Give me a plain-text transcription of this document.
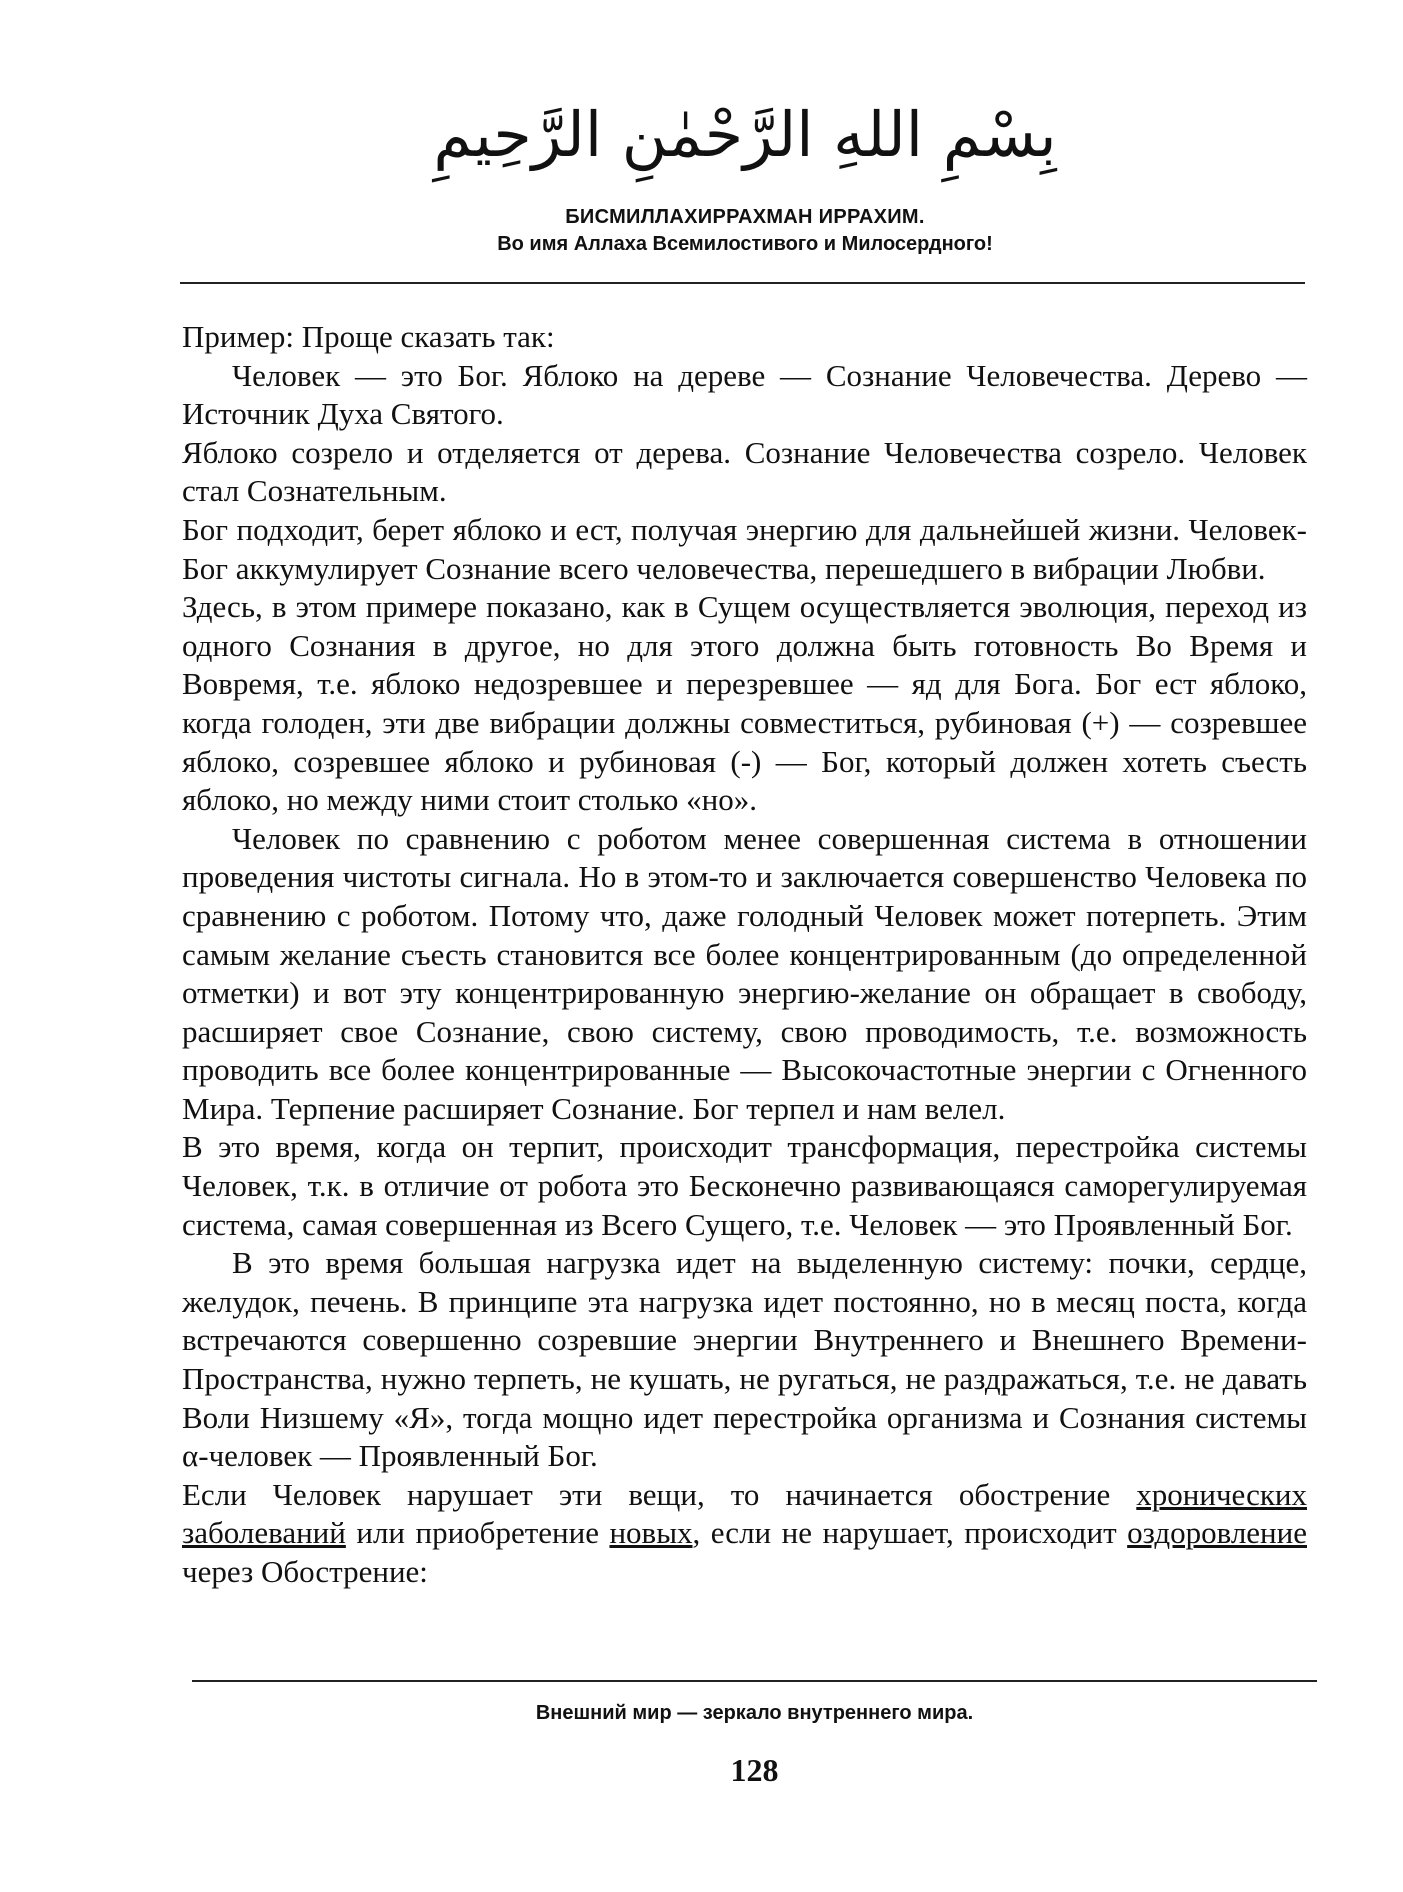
بِسْمِ اللهِ الرَّحْمٰنِ الرَّحِيمِ
БИСМИЛЛАХИРРАХМАН ИРРАХИМ.
Во имя Аллаха Всемилостивого и Милосердного!

Пример: Проще сказать так:

Человек — это Бог. Яблоко на дереве — Сознание Человечества. Дерево — Источник Духа Святого.

Яблоко созрело и отделяется от дерева. Сознание Человечества созрело. Человек стал Сознательным.

Бог подходит, берет яблоко и ест, получая энергию для дальнейшей жизни. Человек-Бог аккумулирует Сознание всего человечества, перешедшего в вибрации Любви.

Здесь, в этом примере показано, как в Сущем осуществляется эволюция, переход из одного Сознания в другое, но для этого должна быть готовность Во Время и Вовремя, т.е. яблоко недозревшее и перезревшее — яд для Бога. Бог ест яблоко, когда голоден, эти две вибрации должны совместиться, рубиновая (+) — созревшее яблоко, созревшее яблоко и рубиновая (-) — Бог, который должен хотеть съесть яблоко, но между ними стоит столько «но».

Человек по сравнению с роботом менее совершенная система в отношении проведения чистоты сигнала. Но в этом-то и заключается совершенство Человека по сравнению с роботом. Потому что, даже голодный Человек может потерпеть. Этим самым желание съесть становится все более концентрированным (до определенной отметки) и вот эту концентрированную энергию-желание он обращает в свободу, расширяет свое Сознание, свою систему, свою проводимость, т.е. возможность проводить все более концентрированные — Высокочастотные энергии с Огненного Мира. Терпение расширяет Сознание. Бог терпел и нам велел.

В это время, когда он терпит, происходит трансформация, перестройка системы Человек, т.к. в отличие от робота это Бесконечно развивающаяся саморегулируемая система, самая совершенная из Всего Сущего, т.е. Человек — это Проявленный Бог.

В это время большая нагрузка идет на выделенную систему: почки, сердце, желудок, печень. В принципе эта нагрузка идет постоянно, но в месяц поста, когда встречаются совершенно созревшие энергии Внутреннего и Внешнего Времени-Пространства, нужно терпеть, не кушать, не ругаться, не раздражаться, т.е. не давать Воли Низшему «Я», тогда мощно идет перестройка организма и Сознания системы α-человек — Проявленный Бог.

Если Человек нарушает эти вещи, то начинается обострение хронических заболеваний или приобретение новых, если не нарушает, происходит оздоровление через Обострение:

Внешний мир — зеркало внутреннего мира.
128
